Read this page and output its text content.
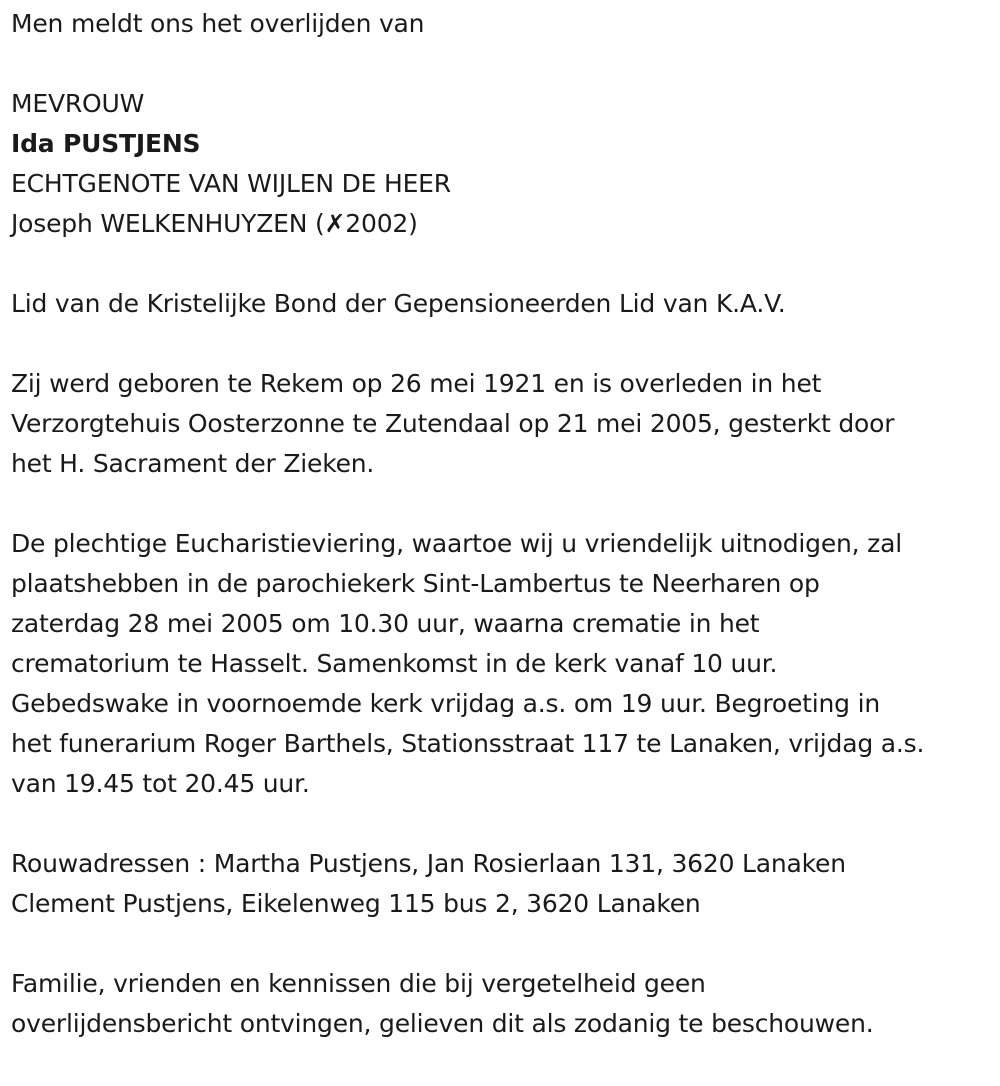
Men meldt ons het overlijden van
MEVROUW
Ida PUSTJENS
ECHTGENOTE VAN WIJLEN DE HEER
Joseph WELKENHUYZEN (✗2002)
Lid van de Kristelijke Bond der Gepensioneerden Lid van K.A.V.
Zij werd geboren te Rekem op 26 mei 1921 en is overleden in het
Verzorgtehuis Oosterzonne te Zutendaal op 21 mei 2005, gesterkt door
het H. Sacrament der Zieken.
De plechtige Eucharistieviering, waartoe wij u vriendelijk uitnodigen, zal
plaatshebben in de parochiekerk Sint-Lambertus te Neerharen op
zaterdag 28 mei 2005 om 10.30 uur, waarna crematie in het
crematorium te Hasselt. Samenkomst in de kerk vanaf 10 uur.
Gebedswake in voornoemde kerk vrijdag a.s. om 19 uur. Begroeting in
het funerarium Roger Barthels, Stationsstraat 117 te Lanaken, vrijdag a.s.
van 19.45 tot 20.45 uur.
Rouwadressen : Martha Pustjens, Jan Rosierlaan 131, 3620 Lanaken
Clement Pustjens, Eikelenweg 115 bus 2, 3620 Lanaken
Familie, vrienden en kennissen die bij vergetelheid geen
overlijdensbericht ontvingen, gelieven dit als zodanig te beschouwen.
